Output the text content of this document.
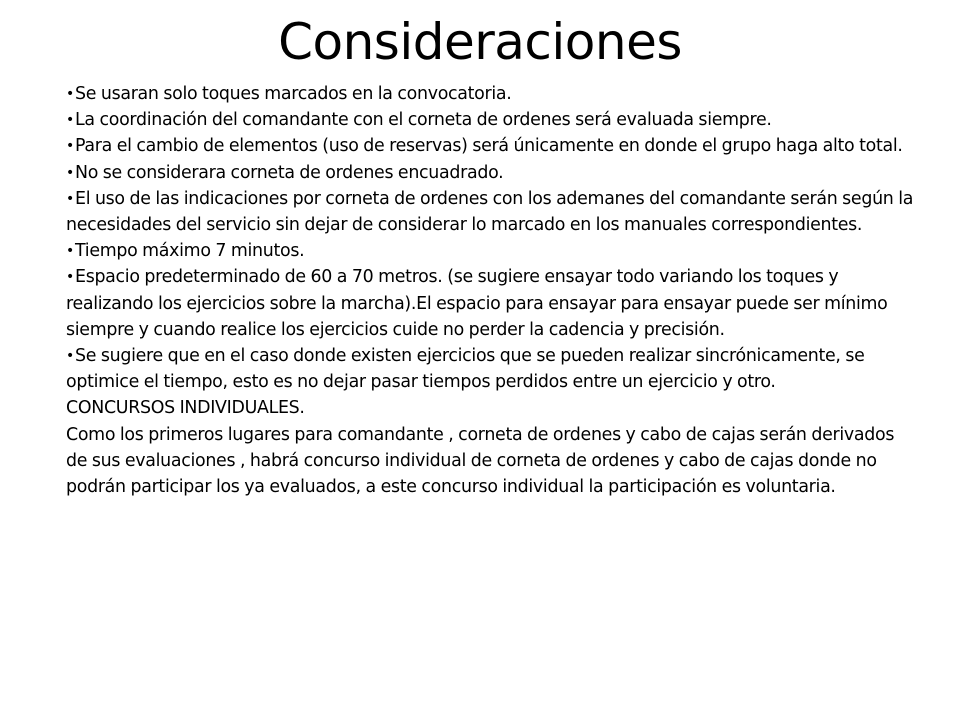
Consideraciones

•Se usaran solo toques marcados en la convocatoria.

•La coordinación del comandante con el corneta de ordenes será evaluada siempre.

•Para el cambio de elementos (uso de reservas) será únicamente en donde el grupo haga alto total.

•No se considerara corneta de ordenes encuadrado.

•El uso de las indicaciones por corneta de ordenes con los ademanes del comandante serán según la necesidades del servicio sin dejar de considerar lo marcado en los manuales correspondientes.

•Tiempo máximo 7 minutos.

•Espacio predeterminado de 60 a 70 metros. (se sugiere ensayar todo variando los toques y realizando los ejercicios sobre la marcha).El espacio para ensayar para ensayar puede ser mínimo siempre y cuando realice los ejercicios cuide no perder la cadencia y precisión.

•Se sugiere que en el caso donde existen ejercicios que se pueden realizar sincrónicamente, se optimice el tiempo, esto es no dejar pasar tiempos perdidos entre un ejercicio y otro.

CONCURSOS INDIVIDUALES.

Como los primeros lugares para comandante , corneta de ordenes y cabo de cajas serán derivados de sus evaluaciones , habrá concurso individual de corneta de ordenes y cabo de cajas donde no podrán participar los ya evaluados, a este concurso individual la participación es voluntaria.
